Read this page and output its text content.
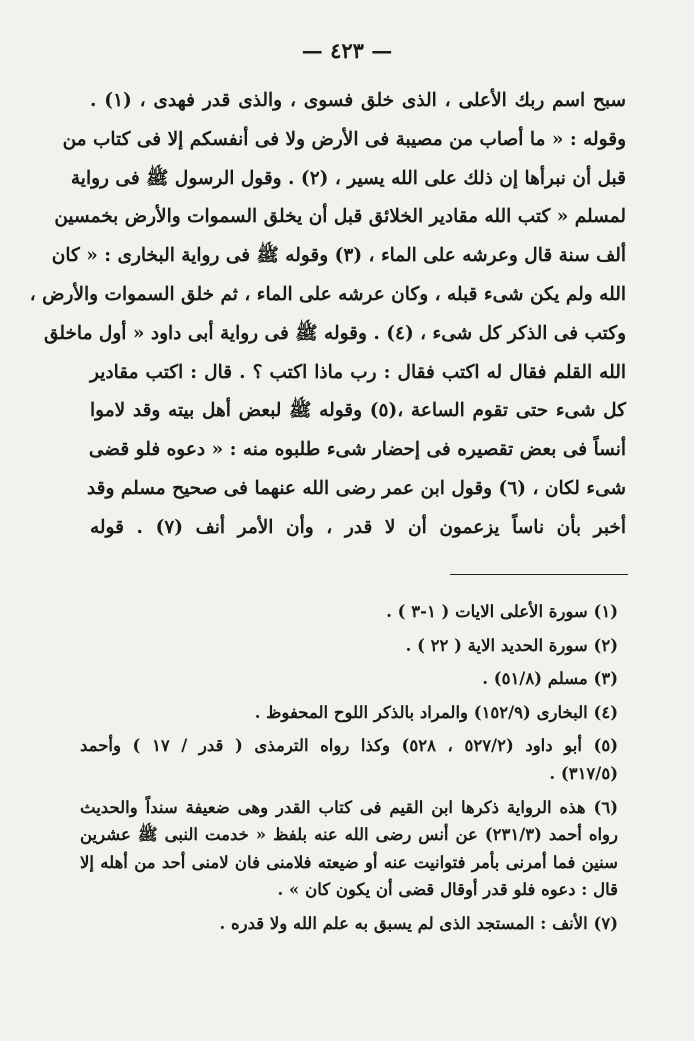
— ٤٢٣ —
سبح اسم ربك الأعلى ، الذى خلق فسوى ، والذى قدر فهدى ، (١) .
وقوله : « ما أصاب من مصيبة فى الأرض ولا فى أنفسكم إلا فى كتاب من
قبل أن نبرأها إن ذلك على الله يسير ، (٢) . وقول الرسول ﷺ فى رواية
لمسلم « كتب الله مقادير الخلائق قبل أن يخلق السموات والأرض بخمسين
ألف سنة قال وعرشه على الماء ، (٣) وقوله ﷺ فى رواية البخارى : « كان
الله ولم يكن شىء قبله ، وكان عرشه على الماء ، ثم خلق السموات والأرض ،
وكتب فى الذكر كل شىء ، (٤) . وقوله ﷺ فى رواية أبى داود « أول ماخلق
الله القلم فقال له اكتب فقال : رب ماذا اكتب ؟ . قال : اكتب مقادير
كل شىء حتى تقوم الساعة ،(٥) وقوله ﷺ لبعض أهل بيته وقد لاموا
أنساً فى بعض تقصيره فى إحضار شىء طلبوه منه : « دعوه فلو قضى
شىء لكان ، (٦) وقول ابن عمر رضى الله عنهما فى صحيح مسلم وقد
أخبر بأن ناساً يزعمون أن لا قدر ، وأن الأمر أنف (٧) . قوله
(١) سورة الأعلى الايات ( ١-٣ ) .
(٢) سورة الحديد الاية ( ٢٢ ) .
(٣) مسلم (٥١/٨) .
(٤) البخارى (١٥٢/٩) والمراد بالذكر اللوح المحفوظ .
(٥) أبو داود (٥٢٧/٢ ، ٥٢٨) وكذا رواه الترمذى ( قدر / ١٧ ) وأحمد
(٣١٧/٥) .
(٦) هذه الرواية ذكرها ابن القيم فى كتاب القدر وهى ضعيفة سنداً والحديث
رواه أحمد (٢٣١/٣) عن أنس رضى الله عنه بلفظ « خدمت النبى ﷺ عشرين
سنين فما أمرنى بأمر فتوانيت عنه أو ضيعته فلامنى فان لامنى أحد من أهله إلا
قال : دعوه فلو قدر أوقال قضى أن يكون كان » .
(٧) الأنف : المستجد الذى لم يسبق به علم الله ولا قدره .
